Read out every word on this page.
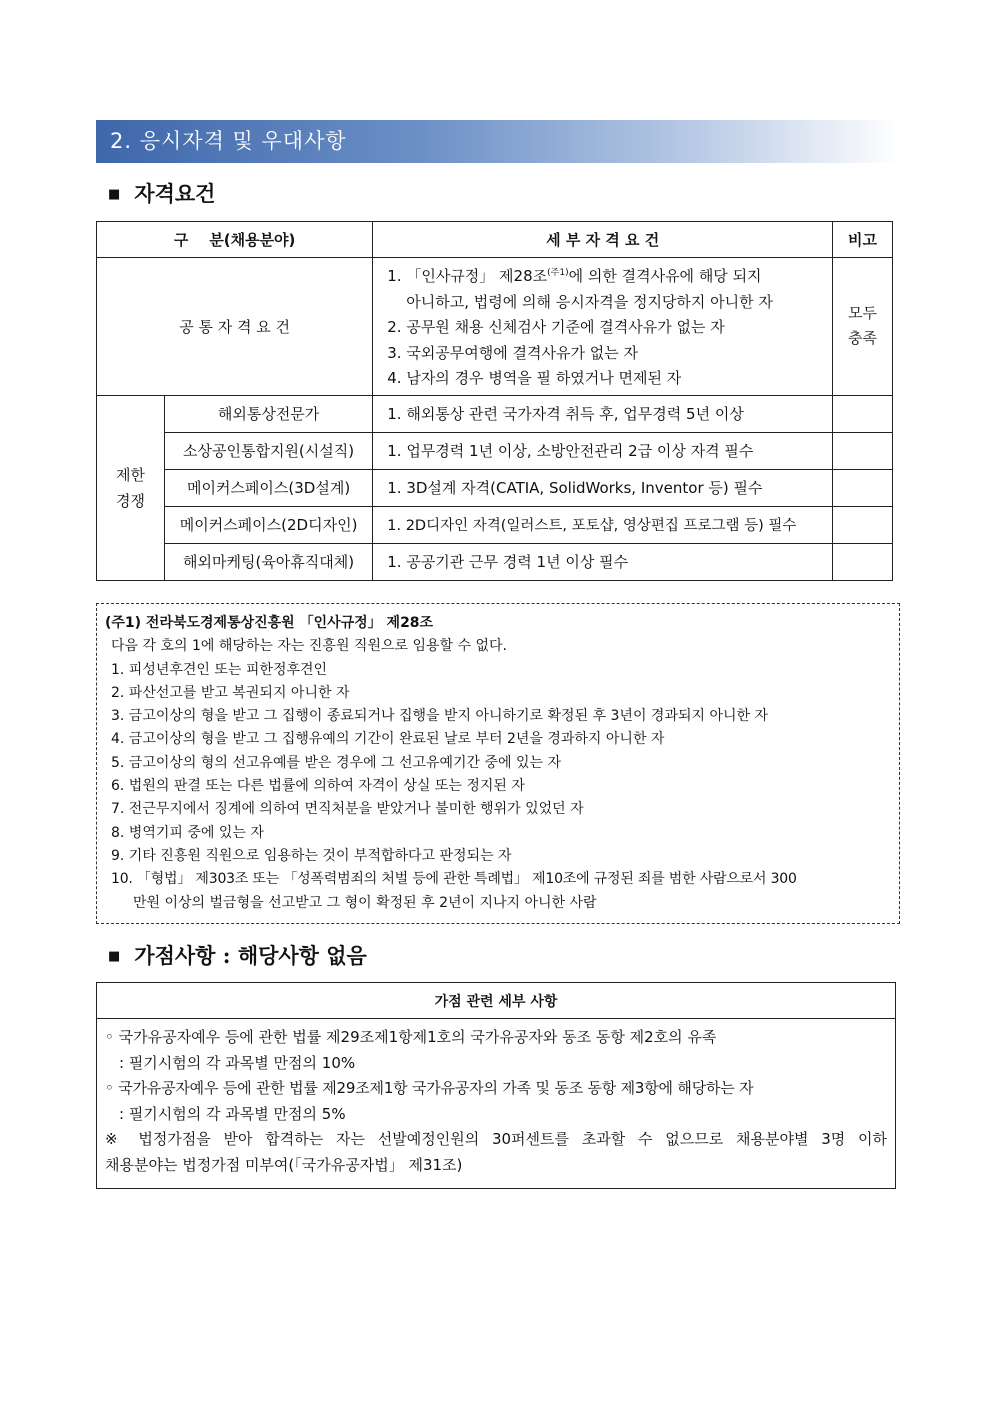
2. 응시자격 및 우대사항
■ 자격요건
구    분(채용분야)		세 부 자 격 요 건	비고
공 통 자 격 요 건		1. 「인사규정」 제28조$^{(주1)}$에 의한 결격사유에 해당 되지
아니하고, 법령에 의해 응시자격을 정지당하지 아니한 자
2. 공무원 채용 신체검사 기준에 결격사유가 없는 자
3. 국외공무여행에 결격사유가 없는 자
4. 남자의 경우 병역을 필 하였거나 면제된 자	모두 충족
제한 경쟁	해외통상전문가	1. 해외통상 관련 국가자격 취득 후, 업무경력 5년 이상	
	소상공인통합지원(시설직)	1. 업무경력 1년 이상, 소방안전관리 2급 이상 자격 필수	
	메이커스페이스(3D설계)	1. 3D설계 자격(CATIA, SolidWorks, Inventor 등) 필수	
	메이커스페이스(2D디자인)	1. 2D디자인 자격(일러스트, 포토샵, 영상편집 프로그램 등) 필수	
	해외마케팅(육아휴직대체)	1. 공공기관 근무 경력 1년 이상 필수	
(주1) 전라북도경제통상진흥원 「인사규정」 제28조
다음 각 호의 1에 해당하는 자는 진흥원 직원으로 임용할 수 없다.
1. 피성년후견인 또는 피한정후견인
2. 파산선고를 받고 복권되지 아니한 자
3. 금고이상의 형을 받고 그 집행이 종료되거나 집행을 받지 아니하기로 확정된 후 3년이 경과되지 아니한 자
4. 금고이상의 형을 받고 그 집행유예의 기간이 완료된 날로 부터 2년을 경과하지 아니한 자
5. 금고이상의 형의 선고유예를 받은 경우에 그 선고유예기간 중에 있는 자
6. 법원의 판결 또는 다른 법률에 의하여 자격이 상실 또는 정지된 자
7. 전근무지에서 징계에 의하여 면직처분을 받았거나 불미한 행위가 있었던 자
8. 병역기피 중에 있는 자
9. 기타 진흥원 직원으로 임용하는 것이 부적합하다고 판정되는 자
10. 「형법」 제303조 또는 「성폭력범죄의 처벌 등에 관한 특례법」 제10조에 규정된 죄를 범한 사람으로서 300
만원 이상의 벌금형을 선고받고 그 형이 확정된 후 2년이 지나지 아니한 사람
■ 가점사항 : 해당사항 없음
가점 관련 세부 사항

◦ 국가유공자예우 등에 관한 법률 제29조제1항제1호의 국가유공자와 동조 동항 제2호의 유족
: 필기시험의 각 과목별 만점의 10%
◦ 국가유공자예우 등에 관한 법률 제29조제1항 국가유공자의 가족 및 동조 동항 제3항에 해당하는 자
: 필기시험의 각 과목별 만점의 5%
※ 법정가점을 받아 합격하는 자는 선발예정인원의 30퍼센트를 초과할 수 없으므로 채용분야별 3명 이하
채용분야는 법정가점 미부여(「국가유공자법」 제31조)
